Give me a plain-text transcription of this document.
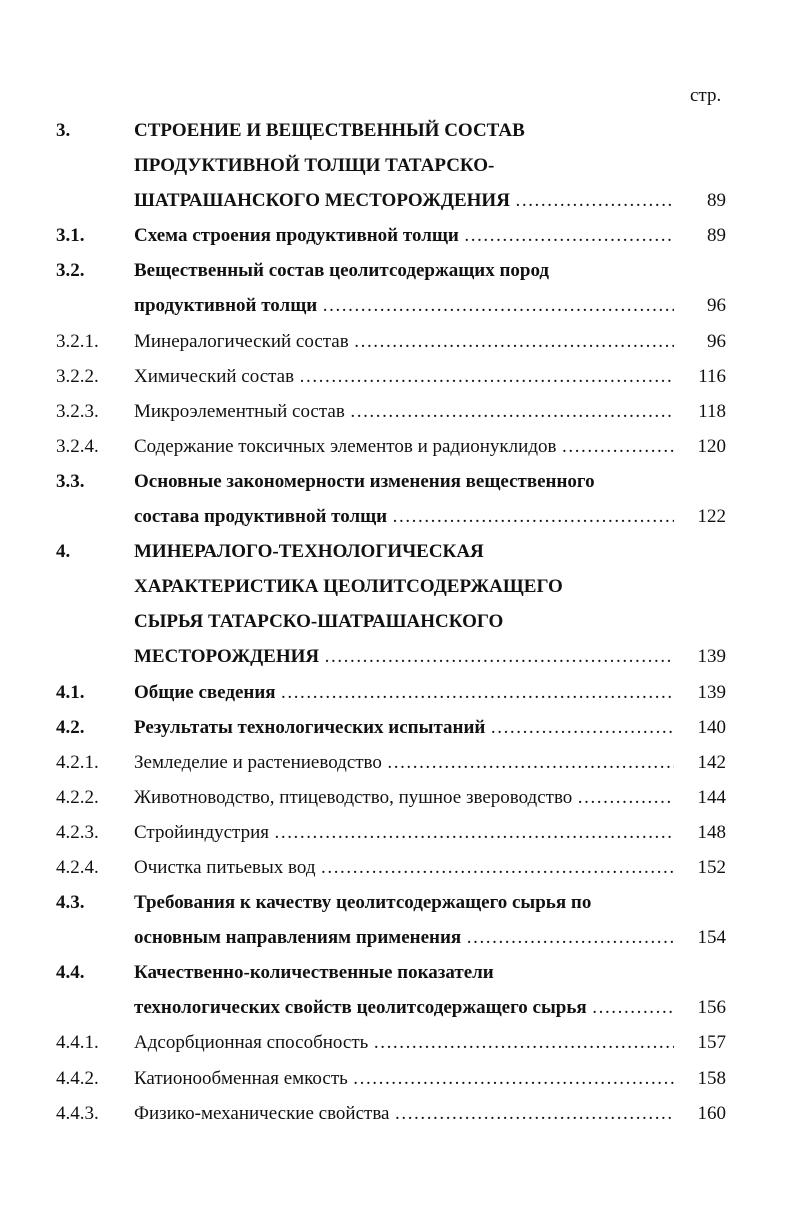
стр.
3.	СТРОЕНИЕ И ВЕЩЕСТВЕННЫЙ СОСТАВ
ПРОДУКТИВНОЙ ТОЛЩИ ТАТАРСКО-
ШАТРАШАНСКОГО МЕСТОРОЖДЕНИЯ ………………………………………………………………………………………………………………………………	89
3.1.	Схема строения продуктивной толщи ………………………………………………………………………………………………………………………………	89
3.2.	Вещественный состав цеолитсодержащих пород
продуктивной толщи ………………………………………………………………………………………………………………………………	96
3.2.1. Минералогический состав ………………………………………………………………………………………………………………………………	96
3.2.2. Химический состав ………………………………………………………………………………………………………………………………	116
3.2.3. Микроэлементный состав ………………………………………………………………………………………………………………………………	118
3.2.4. Содержание токсичных элементов и радионуклидов ………………………………………………………………………………………………………………………………	120
3.3.	Основные закономерности изменения вещественного
состава продуктивной толщи ………………………………………………………………………………………………………………………………	122
4.	МИНЕРАЛОГО-ТЕХНОЛОГИЧЕСКАЯ
ХАРАКТЕРИСТИКА ЦЕОЛИТСОДЕРЖАЩЕГО
СЫРЬЯ ТАТАРСКО-ШАТРАШАНСКОГО
МЕСТОРОЖДЕНИЯ ………………………………………………………………………………………………………………………………	139
4.1.	Общие сведения ………………………………………………………………………………………………………………………………	139
4.2.	Результаты технологических испытаний ………………………………………………………………………………………………………………………………	140
4.2.1. Земледелие и растениеводство ………………………………………………………………………………………………………………………………	142
4.2.2. Животноводство, птицеводство, пушное звероводство ………………………………………………………………………………………………………………………………	144
4.2.3. Стройиндустрия ………………………………………………………………………………………………………………………………	148
4.2.4. Очистка питьевых вод ………………………………………………………………………………………………………………………………	152
4.3.	Требования к качеству цеолитсодержащего сырья по
основным направлениям применения ………………………………………………………………………………………………………………………………	154
4.4.	Качественно-количественные показатели
технологических свойств цеолитсодержащего сырья ………………………………………………………………………………………………………………………………	156
4.4.1. Адсорбционная способность ………………………………………………………………………………………………………………………………	157
4.4.2. Катионообменная емкость ………………………………………………………………………………………………………………………………	158
4.4.3. Физико-механические свойства ………………………………………………………………………………………………………………………………	160
